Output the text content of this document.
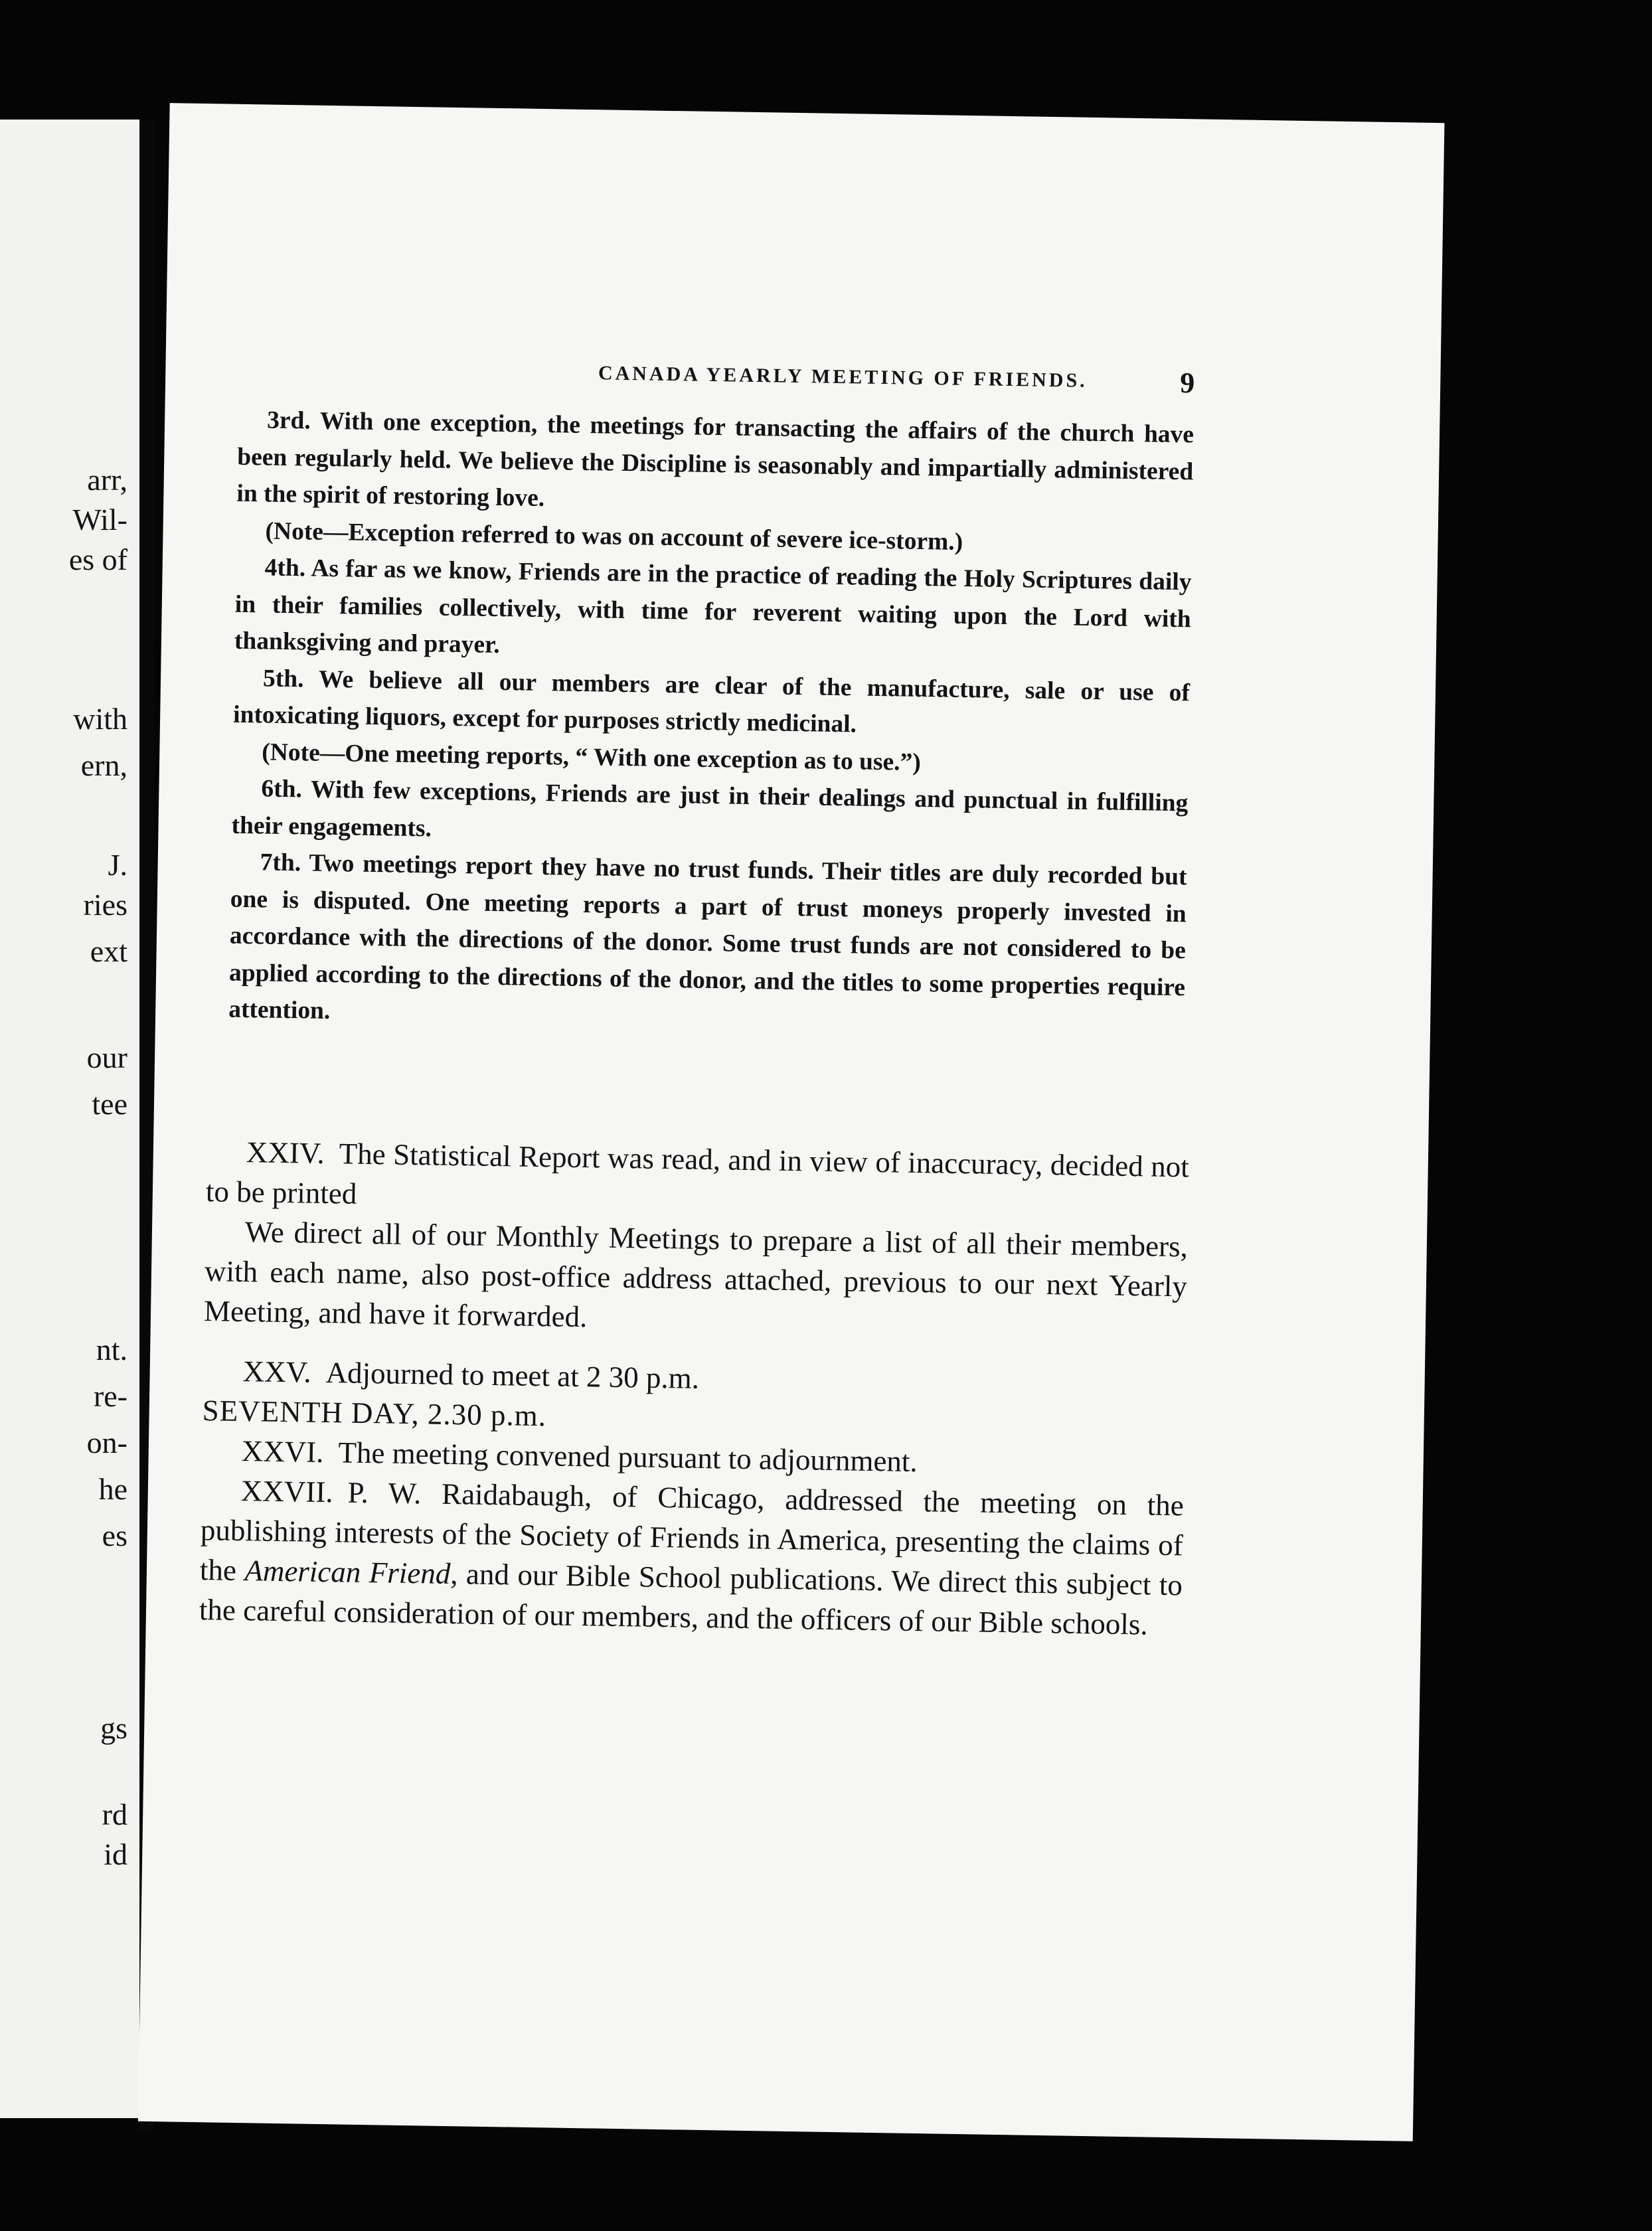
arr,
Wil-
es of
with
ern,
J.
ries
ext
our
tee
nt.
re-
on-
he
es
gs
rd
id
CANADA YEARLY MEETING OF FRIENDS.	9

3rd. With one exception, the meetings for transacting the affairs of the church have been regularly held. We believe the Discipline is seasonably and impartially administered in the spirit of restoring love.

(Note—Exception referred to was on account of severe ice-storm.)

4th. As far as we know, Friends are in the practice of reading the Holy Scriptures daily in their families collectively, with time for reverent waiting upon the Lord with thanksgiving and prayer.

5th. We believe all our members are clear of the manufacture, sale or use of intoxicating liquors, except for purposes strictly medicinal.

(Note—One meeting reports, “ With one exception as to use.”)

6th. With few exceptions, Friends are just in their dealings and punctual in fulfilling their engagements.

7th. Two meetings report they have no trust funds. Their titles are duly recorded but one is disputed. One meeting reports a part of trust moneys properly invested in accordance with the directions of the donor. Some trust funds are not considered to be applied according to the directions of the donor, and the titles to some properties require attention.

XXIV. The Statistical Report was read, and in view of inaccuracy, decided not to be printed

We direct all of our Monthly Meetings to prepare a list of all their members, with each name, also post-office address attached, previous to our next Yearly Meeting, and have it forwarded.

XXV. Adjourned to meet at 2 30 p.m.

SEVENTH DAY, 2.30 p.m.

XXVI. The meeting convened pursuant to adjournment.

XXVII. P. W. Raidabaugh, of Chicago, addressed the meeting on the publishing interests of the Society of Friends in America, presenting the claims of the American Friend, and our Bible School publications. We direct this subject to the careful consideration of our members, and the officers of our Bible schools.
